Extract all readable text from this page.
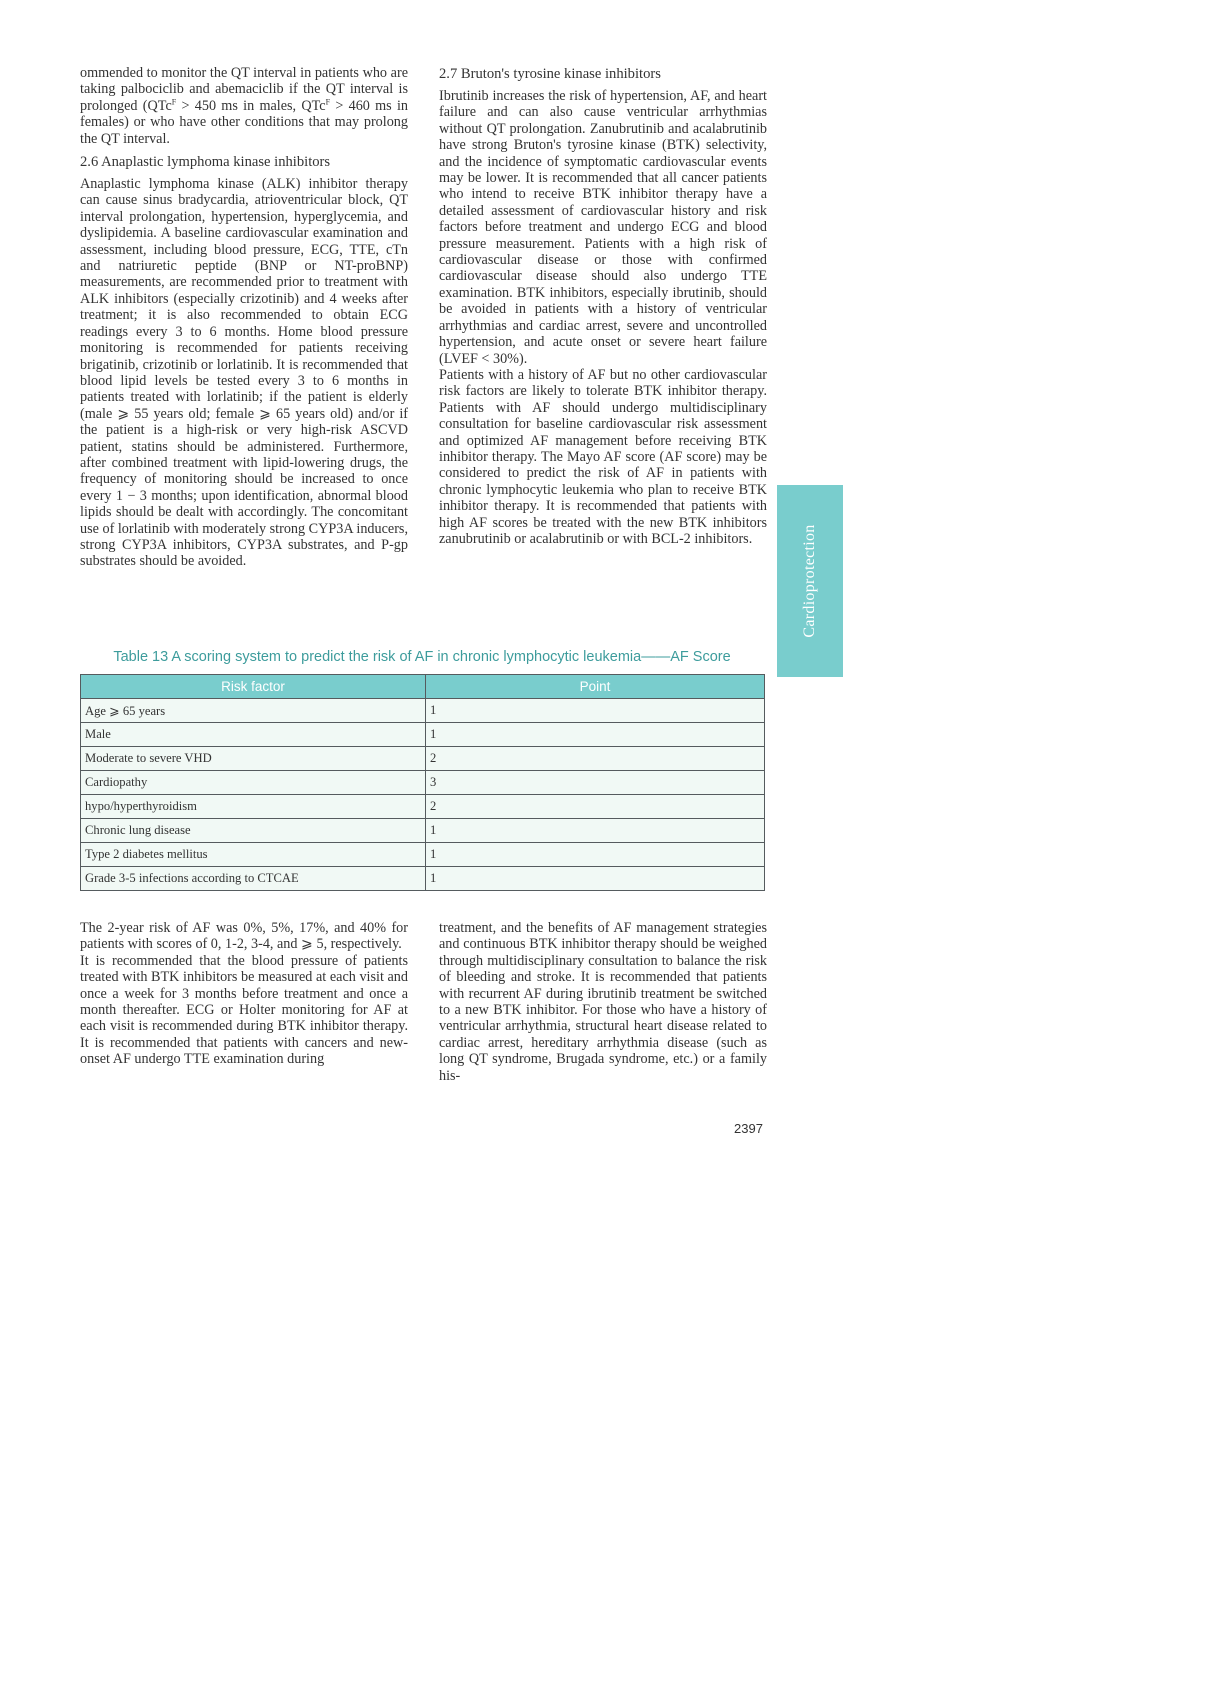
ommended to monitor the QT interval in patients who are taking palbociclib and abemaciclib if the QT interval is prolonged (QTc$^F$ > 450 ms in males, QTc$^F$ > 460 ms in females) or who have other conditions that may prolong the QT interval.

2.6 Anaplastic lymphoma kinase inhibitors

Anaplastic lymphoma kinase (ALK) inhibitor therapy can cause sinus bradycardia, atrioventricular block, QT interval prolongation, hypertension, hyperglycemia, and dyslipidemia. A baseline cardiovascular examination and assessment, including blood pressure, ECG, TTE, cTn and natriuretic peptide (BNP or NT-proBNP) measurements, are recommended prior to treatment with ALK inhibitors (especially crizotinib) and 4 weeks after treatment; it is also recommended to obtain ECG readings every 3 to 6 months. Home blood pressure monitoring is recommended for patients receiving brigatinib, crizotinib or lorlatinib. It is recommended that blood lipid levels be tested every 3 to 6 months in patients treated with lorlatinib; if the patient is elderly (male ⩾ 55 years old; female ⩾ 65 years old) and/or if the patient is a high-risk or very high-risk ASCVD patient, statins should be administered. Furthermore, after combined treatment with lipid-lowering drugs, the frequency of monitoring should be increased to once every 1 − 3 months; upon identification, abnormal blood lipids should be dealt with accordingly. The concomitant use of lorlatinib with moderately strong CYP3A inducers, strong CYP3A inhibitors, CYP3A substrates, and P-gp substrates should be avoided.

2.7 Bruton's tyrosine kinase inhibitors

Ibrutinib increases the risk of hypertension, AF, and heart failure and can also cause ventricular arrhythmias without QT prolongation. Zanubrutinib and acalabrutinib have strong Bruton's tyrosine kinase (BTK) selectivity, and the incidence of symptomatic cardiovascular events may be lower. It is recommended that all cancer patients who intend to receive BTK inhibitor therapy have a detailed assessment of cardiovascular history and risk factors before treatment and undergo ECG and blood pressure measurement. Patients with a high risk of cardiovascular disease or those with confirmed cardiovascular disease should also undergo TTE examination. BTK inhibitors, especially ibrutinib, should be avoided in patients with a history of ventricular arrhythmias and cardiac arrest, severe and uncontrolled hypertension, and acute onset or severe heart failure (LVEF < 30%).

Patients with a history of AF but no other cardiovascular risk factors are likely to tolerate BTK inhibitor therapy. Patients with AF should undergo multidisciplinary consultation for baseline cardiovascular risk assessment and optimized AF management before receiving BTK inhibitor therapy. The Mayo AF score (AF score) may be considered to predict the risk of AF in patients with chronic lymphocytic leukemia who plan to receive BTK inhibitor therapy. It is recommended that patients with high AF scores be treated with the new BTK inhibitors zanubrutinib or acalabrutinib or with BCL-2 inhibitors.	Cardioprotection
Table 13 A scoring system to predict the risk of AF in chronic lymphocytic leukemia——AF Score
Risk factor	Point
Age ⩾ 65 years	1
Male	1
Moderate to severe VHD	2
Cardiopathy	3
hypo/hyperthyroidism	2
Chronic lung disease	1
Type 2 diabetes mellitus	1
Grade 3-5 infections according to CTCAE	1

The 2-year risk of AF was 0%, 5%, 17%, and 40% for patients with scores of 0, 1-2, 3-4, and ⩾ 5, respectively.

It is recommended that the blood pressure of patients treated with BTK inhibitors be measured at each visit and once a week for 3 months before treatment and once a month thereafter. ECG or Holter monitoring for AF at each visit is recommended during BTK inhibitor therapy. It is recommended that patients with cancers and new-onset AF undergo TTE examination during

treatment, and the benefits of AF management strategies and continuous BTK inhibitor therapy should be weighed through multidisciplinary consultation to balance the risk of bleeding and stroke. It is recommended that patients with recurrent AF during ibrutinib treatment be switched to a new BTK inhibitor. For those who have a history of ventricular arrhythmia, structural heart disease related to cardiac arrest, hereditary arrhythmia disease (such as long QT syndrome, Brugada syndrome, etc.) or a family his-

2397
